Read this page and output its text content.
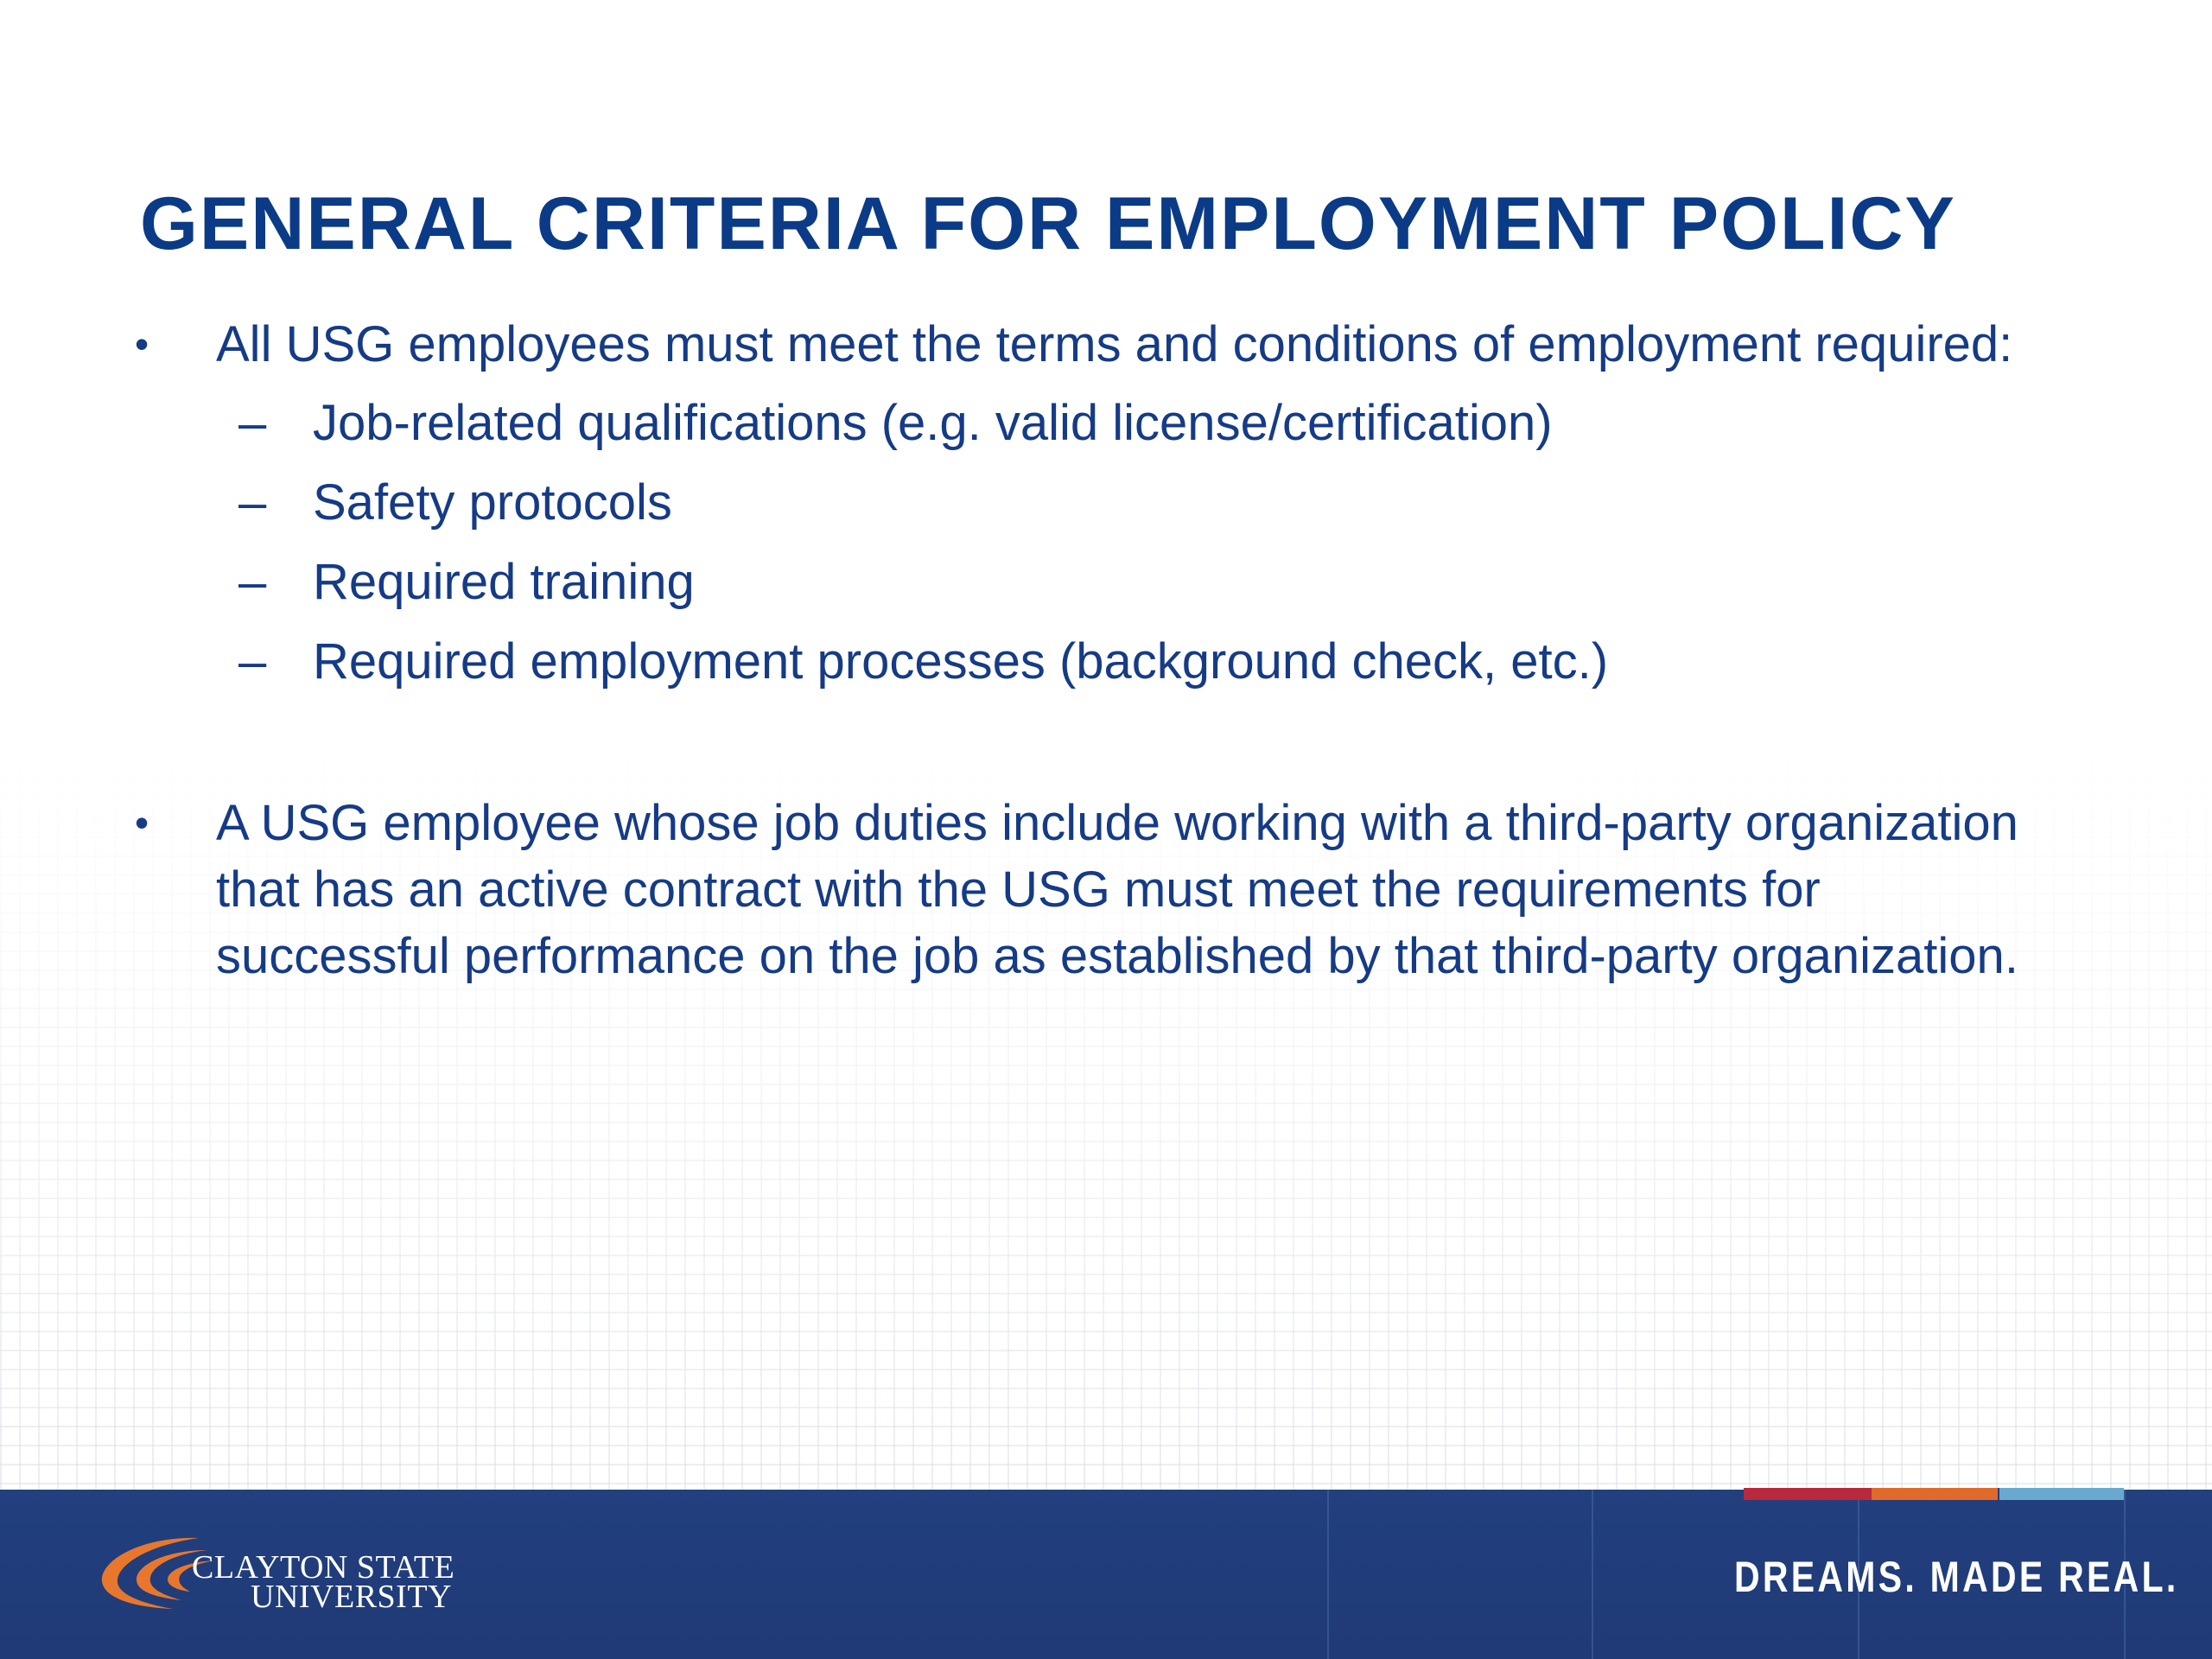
GENERAL CRITERIA FOR EMPLOYMENT POLICY
• All USG employees must meet the terms and conditions of employment required:
– Job-related qualifications (e.g. valid license/certification)
– Safety protocols
– Required training
– Required employment processes (background check, etc.)
• A USG employee whose job duties include working with a third-party organization that has an active contract with the USG must meet the requirements for successful performance on the job as established by that third-party organization.
CLAYTON STATE
UNIVERSITY	DREAMS. MADE REAL.
